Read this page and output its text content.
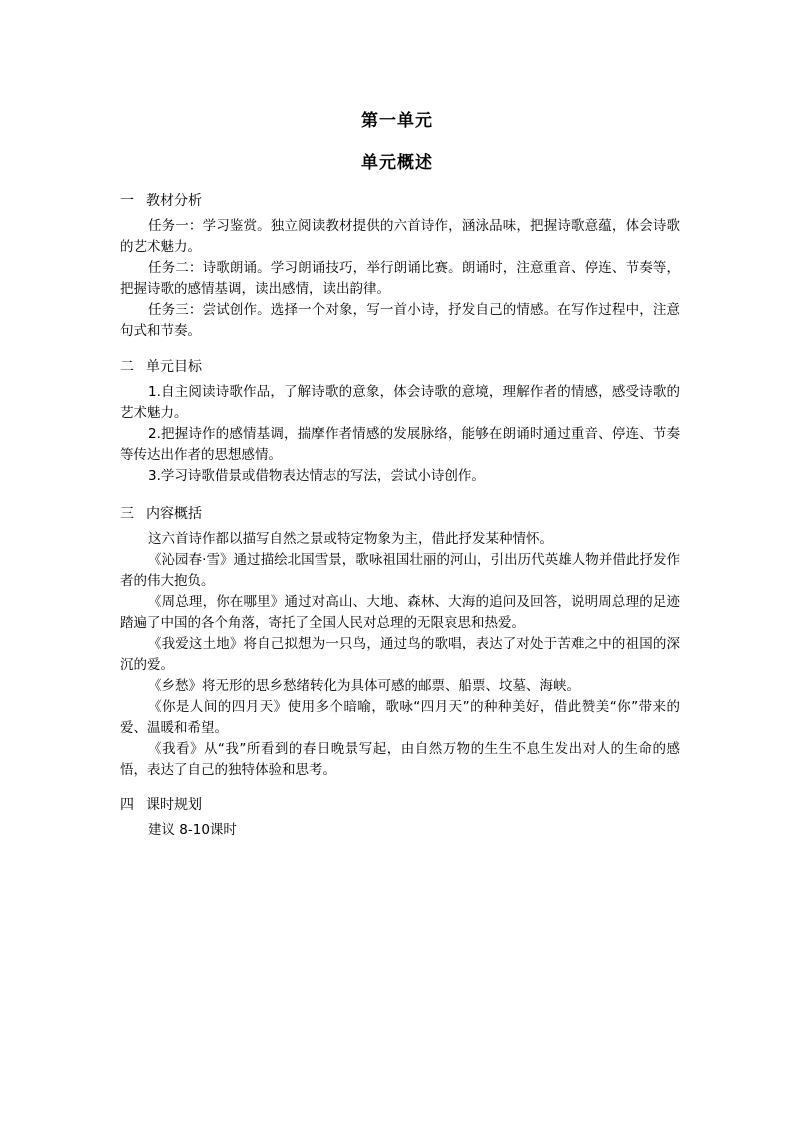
第一单元
单元概述
一 教材分析
任务一：学习鉴赏。独立阅读教材提供的六首诗作，涵泳品味，把握诗歌意蕴，体会诗歌的艺术魅力。
任务二：诗歌朗诵。学习朗诵技巧，举行朗诵比赛。朗诵时，注意重音、停连、节奏等，把握诗歌的感情基调，读出感情，读出韵律。
任务三：尝试创作。选择一个对象，写一首小诗，抒发自己的情感。在写作过程中，注意句式和节奏。
二 单元目标
1.自主阅读诗歌作品，了解诗歌的意象，体会诗歌的意境，理解作者的情感，感受诗歌的艺术魅力。
2.把握诗作的感情基调，揣摩作者情感的发展脉络，能够在朗诵时通过重音、停连、节奏等传达出作者的思想感情。
3.学习诗歌借景或借物表达情志的写法，尝试小诗创作。
三 内容概括
这六首诗作都以描写自然之景或特定物象为主，借此抒发某种情怀。
《沁园春·雪》通过描绘北国雪景，歌咏祖国壮丽的河山，引出历代英雄人物并借此抒发作者的伟大抱负。
《周总理，你在哪里》通过对高山、大地、森林、大海的追问及回答，说明周总理的足迹踏遍了中国的各个角落，寄托了全国人民对总理的无限哀思和热爱。
《我爱这土地》将自己拟想为一只鸟，通过鸟的歌唱，表达了对处于苦难之中的祖国的深沉的爱。
《乡愁》将无形的思乡愁绪转化为具体可感的邮票、船票、坟墓、海峡。
《你是人间的四月天》使用多个暗喻，歌咏“四月天”的种种美好，借此赞美“你”带来的爱、温暖和希望。
《我看》从“我”所看到的春日晚景写起，由自然万物的生生不息生发出对人的生命的感悟，表达了自己的独特体验和思考。
四 课时规划
建议 8-10课时
